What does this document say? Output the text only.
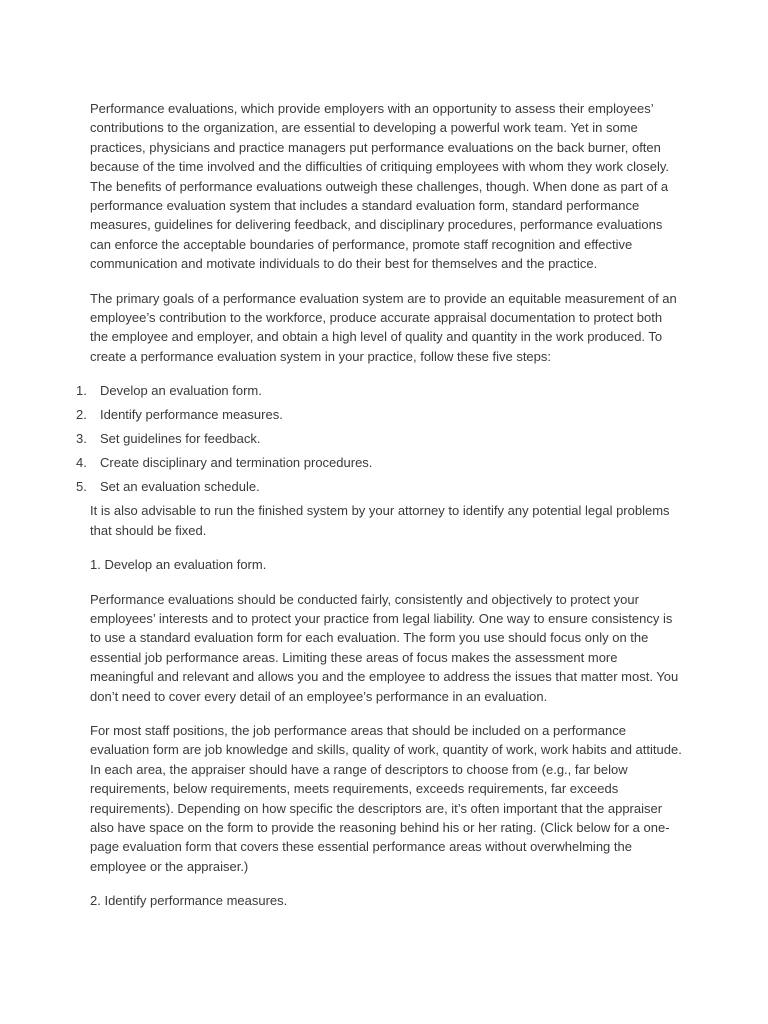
Performance evaluations, which provide employers with an opportunity to assess their employees’ contributions to the organization, are essential to developing a powerful work team. Yet in some practices, physicians and practice managers put performance evaluations on the back burner, often because of the time involved and the difficulties of critiquing employees with whom they work closely. The benefits of performance evaluations outweigh these challenges, though. When done as part of a performance evaluation system that includes a standard evaluation form, standard performance measures, guidelines for delivering feedback, and disciplinary procedures, performance evaluations can enforce the acceptable boundaries of performance, promote staff recognition and effective communication and motivate individuals to do their best for themselves and the practice.

The primary goals of a performance evaluation system are to provide an equitable measurement of an employee’s contribution to the workforce, produce accurate appraisal documentation to protect both the employee and employer, and obtain a high level of quality and quantity in the work produced. To create a performance evaluation system in your practice, follow these five steps:

1.	Develop an evaluation form.
2.	Identify performance measures.
3.	Set guidelines for feedback.
4.	Create disciplinary and termination procedures.
5.	Set an evaluation schedule.

It is also advisable to run the finished system by your attorney to identify any potential legal problems that should be fixed.

1. Develop an evaluation form.

Performance evaluations should be conducted fairly, consistently and objectively to protect your employees’ interests and to protect your practice from legal liability. One way to ensure consistency is to use a standard evaluation form for each evaluation. The form you use should focus only on the essential job performance areas. Limiting these areas of focus makes the assessment more meaningful and relevant and allows you and the employee to address the issues that matter most. You don’t need to cover every detail of an employee’s performance in an evaluation.

For most staff positions, the job performance areas that should be included on a performance evaluation form are job knowledge and skills, quality of work, quantity of work, work habits and attitude. In each area, the appraiser should have a range of descriptors to choose from (e.g., far below requirements, below requirements, meets requirements, exceeds requirements, far exceeds requirements). Depending on how specific the descriptors are, it’s often important that the appraiser also have space on the form to provide the reasoning behind his or her rating. (Click below for a one-page evaluation form that covers these essential performance areas without overwhelming the employee or the appraiser.)

2. Identify performance measures.
